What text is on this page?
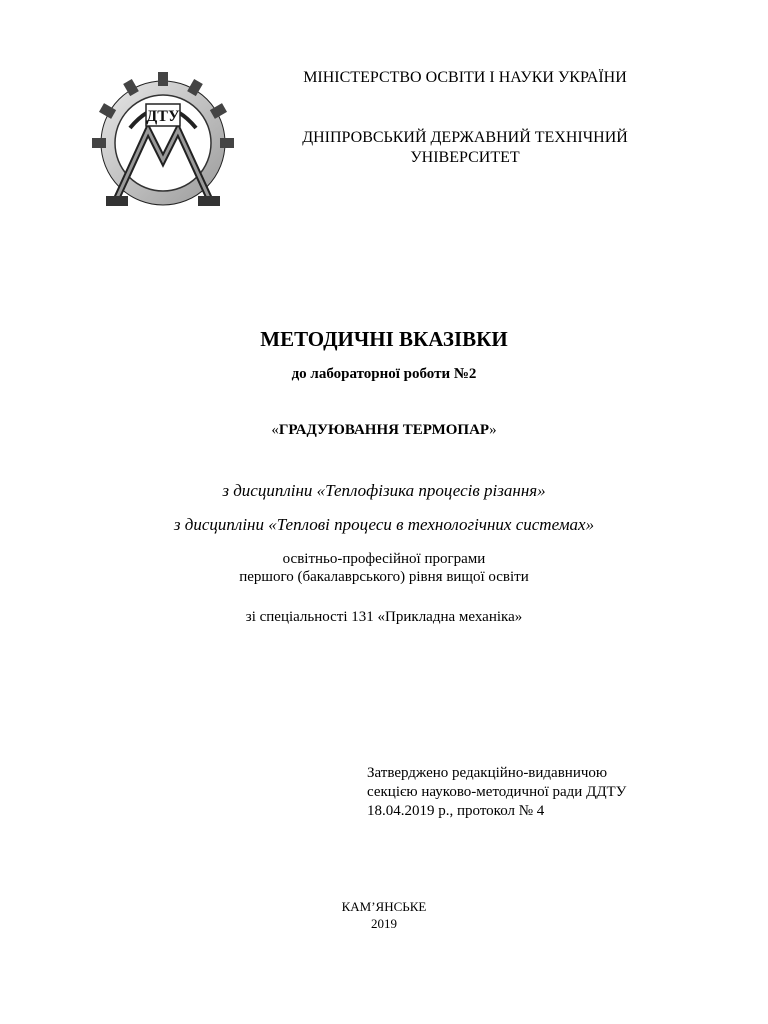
ДТУ
МІНІСТЕРСТВО ОСВІТИ І НАУКИ УКРАЇНИ
ДНІПРОВСЬКИЙ ДЕРЖАВНИЙ ТЕХНІЧНИЙ
УНІВЕРСИТЕТ
МЕТОДИЧНІ ВКАЗІВКИ
до лабораторної роботи №2
«ГРАДУЮВАННЯ ТЕРМОПАР»
з дисципліни «Теплофізика процесів різання»
з дисципліни «Теплові процеси в технологічних системах»
освітньо-професійної програми
першого (бакалаврського) рівня вищої освіти
зі спеціальності 131 «Прикладна механіка»
Затверджено редакційно-видавничою
секцією науково-методичної ради ДДТУ
18.04.2019 р., протокол № 4
КАМ’ЯНСЬКЕ
2019
